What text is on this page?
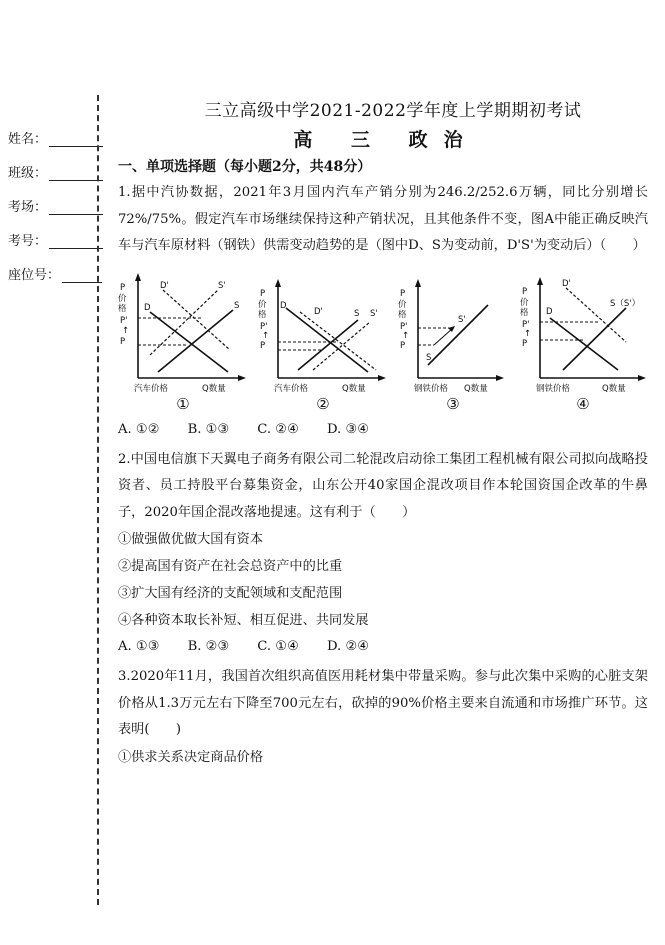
姓名：
班级：
考场：
考号：
座位号：

三立高级中学2021-2022学年度上学期期初考试

高 三 政治

一、单项选择题（每小题2分，共48分）

1.据中汽协数据，2021年3月国内汽车产销分别为246.2/252.6万辆，同比分别增长72%/75%。假定汽车市场继续保持这种产销状况，且其他条件不变，图A中能正确反映汽车与汽车原材料（钢铁）供需变动趋势的是（图中D、S为变动前，D'S'为变动后）（　　）

P
价
格
P'
↑
P
D
D'	S'
S
汽车价格	Q数量
①
P
价
格
P'
↑
P
D
D'	S S'
汽车价格	Q数量
②
P
价
格
P'
↑
P
S
S'
钢铁价格 Q数量
③
P
价
格
P'
↑
P
D
D'
S（S'）
钢铁价格	Q数量
④
A. ①② B. ①③ C. ②④ D. ③④

2.中国电信旗下天翼电子商务有限公司二轮混改启动徐工集团工程机械有限公司拟向战略投资者、员工持股平台募集资金，山东公开40家国企混改项目作本轮国资国企改革的牛鼻子，2020年国企混改落地提速。这有利于（　　）

①做强做优做大国有资本

②提高国有资产在社会总资产中的比重

③扩大国有经济的支配领域和支配范围

④各种资本取长补短、相互促进、共同发展

A. ①③ B. ②③ C. ①④ D. ②④

3.2020年11月，我国首次组织高值医用耗材集中带量采购。参与此次集中采购的心脏支架价格从1.3万元左右下降至700元左右，砍掉的90%价格主要来自流通和市场推广环节。这表明(　　)

①供求关系决定商品价格
